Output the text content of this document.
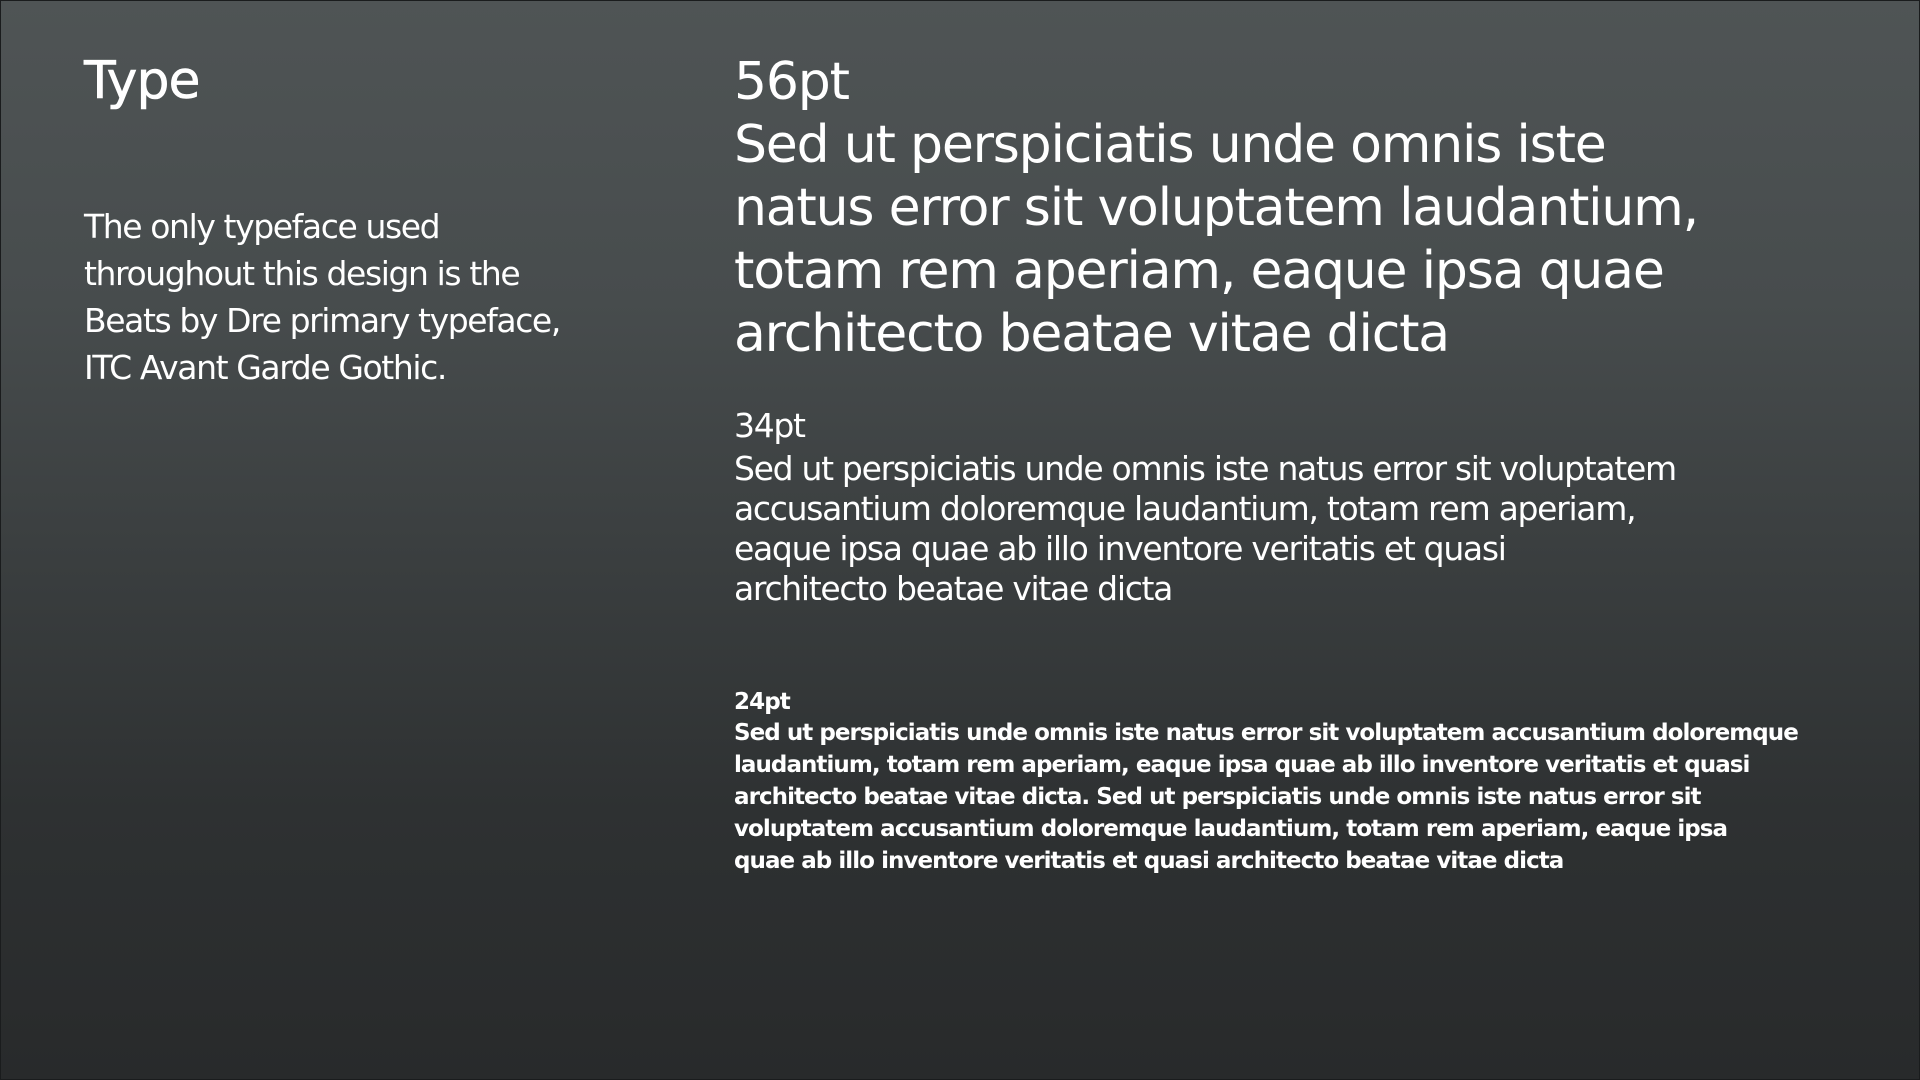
Type

The only typeface used
throughout this design is the
Beats by Dre primary typeface,
ITC Avant Garde Gothic.

56pt

Sed ut perspiciatis unde omnis iste
natus error sit voluptatem laudantium,
totam rem aperiam, eaque ipsa quae
architecto beatae vitae dicta

34pt

Sed ut perspiciatis unde omnis iste natus error sit voluptatem
accusantium doloremque laudantium, totam rem aperiam,
eaque ipsa quae ab illo inventore veritatis et quasi
architecto beatae vitae dicta

24pt

Sed ut perspiciatis unde omnis iste natus error sit voluptatem accusantium doloremque
laudantium, totam rem aperiam, eaque ipsa quae ab illo inventore veritatis et quasi
architecto beatae vitae dicta. Sed ut perspiciatis unde omnis iste natus error sit
voluptatem accusantium doloremque laudantium, totam rem aperiam, eaque ipsa
quae ab illo inventore veritatis et quasi architecto beatae vitae dicta
